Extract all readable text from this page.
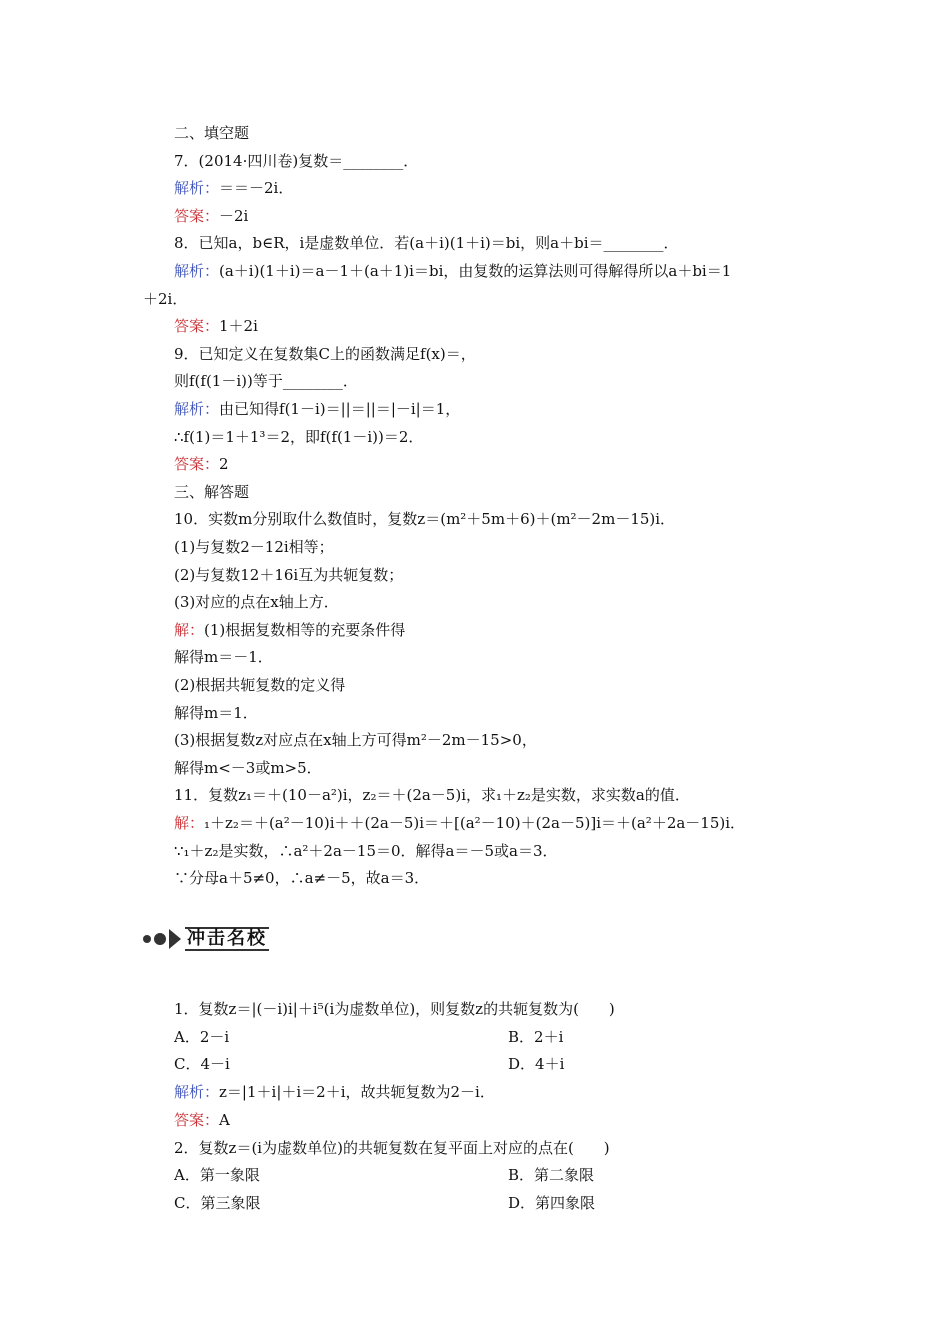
冲击名校
二、填空题
7．(2014·四川卷)复数＝________．
解析：＝＝－2i．
答案：－2i
8．已知a，b∈R，i是虚数单位．若(a＋i)(1＋i)＝bi，则a＋bi＝________．
解析：(a＋i)(1＋i)＝a－1＋(a＋1)i＝bi，由复数的运算法则可得解得所以a＋bi＝1
＋2i．
答案：1＋2i
9．已知定义在复数集C上的函数满足f(x)＝，
则f(f(1－i))等于________．
解析：由已知得f(1－i)＝||＝||＝|－i|＝1，
∴f(1)＝1＋1³＝2，即f(f(1－i))＝2．
答案：2
三、解答题
10．实数m分别取什么数值时，复数z＝(m²＋5m＋6)＋(m²－2m－15)i．
(1)与复数2－12i相等；
(2)与复数12＋16i互为共轭复数；
(3)对应的点在x轴上方．
解：(1)根据复数相等的充要条件得
解得m＝－1．
(2)根据共轭复数的定义得
解得m＝1．
(3)根据复数z对应点在x轴上方可得m²－2m－15>0，
解得m<－3或m>5．
11．复数z₁＝＋(10－a²)i，z₂＝＋(2a－5)i，求₁＋z₂是实数，求实数a的值．
解：₁＋z₂＝＋(a²－10)i＋＋(2a－5)i＝＋[(a²－10)＋(2a－5)]i＝＋(a²＋2a－15)i．
∵₁＋z₂是实数，∴a²＋2a－15＝0．解得a＝－5或a＝3．
∵分母a＋5≠0，∴a≠－5，故a＝3．
1．复数z＝|(－i)i|＋i⁵(i为虚数单位)，则复数z的共轭复数为(　　)
A．2－i	B．2＋i
C．4－i	D．4＋i
解析：z＝|1＋i|＋i＝2＋i，故共轭复数为2－i．
答案：A
2．复数z＝(i为虚数单位)的共轭复数在复平面上对应的点在(　　)
A．第一象限	B．第二象限
C．第三象限	D．第四象限
